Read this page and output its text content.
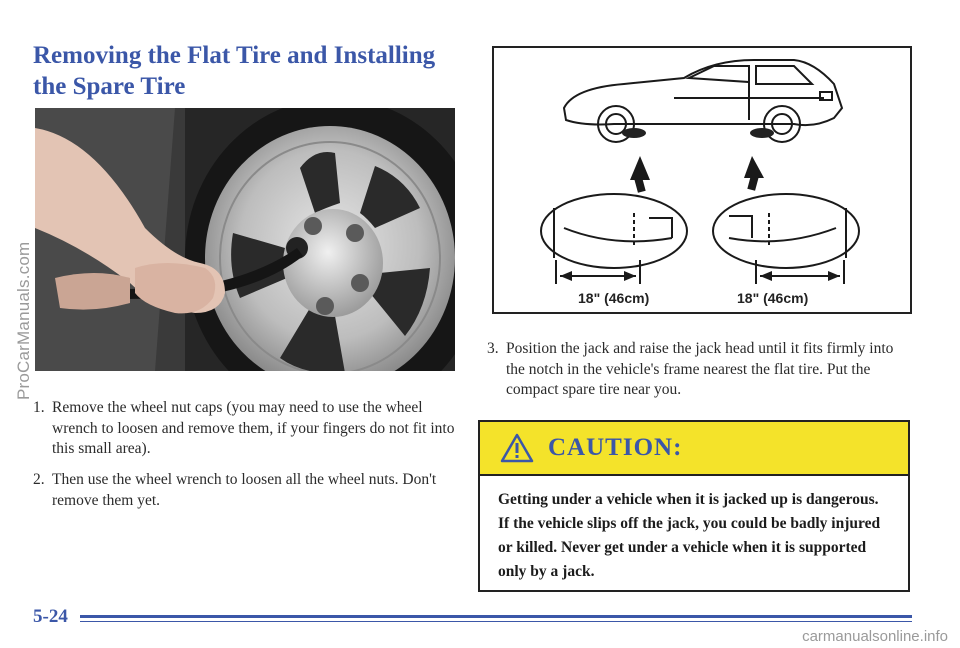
ProCarManuals.com
Removing the Flat Tire and Installing the Spare Tire
18" (46cm)	18" (46cm)
1. Remove the wheel nut caps (you may need to use the wheel wrench to loosen and remove them, if your fingers do not fit into this small area).
2. Then use the wheel wrench to loosen all the wheel nuts. Don't remove them yet.
3. Position the jack and raise the jack head until it fits firmly into the notch in the vehicle's frame nearest the flat tire. Put the compact spare tire near you.
CAUTION:
Getting under a vehicle when it is jacked up is dangerous. If the vehicle slips off the jack, you could be badly injured or killed. Never get under a vehicle when it is supported only by a jack.
5-24
carmanualsonline.info
